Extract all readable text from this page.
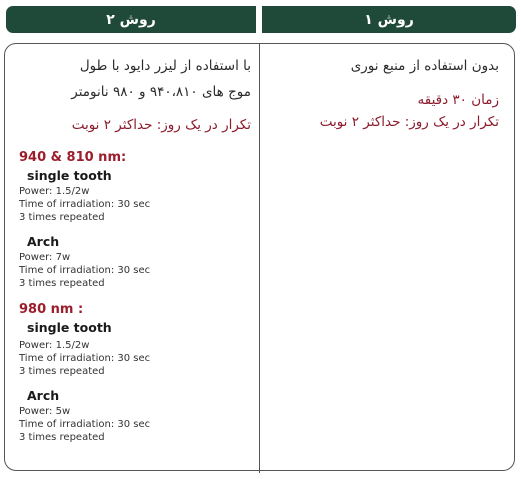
روش ۲	روش ۱
بدون استفاده از منبع نوری
زمان ۳۰ دقیقه
تکرار در یک روز: حداکثر ۲ نوبت
با استفاده از لیزر دایود با طول
موج های ۹۴۰،۸۱۰ و ۹۸۰ نانومتر
تکرار در یک روز: حداکثر ۲ نوبت
940 & 810 nm:
single tooth
Power: 1.5/2w
Time of irradiation: 30 sec
3 times repeated
Arch
Power: 7w
Time of irradiation: 30 sec
3 times repeated
980 nm :
single tooth
Power: 1.5/2w
Time of irradiation: 30 sec
3 times repeated
Arch
Power: 5w
Time of irradiation: 30 sec
3 times repeated
